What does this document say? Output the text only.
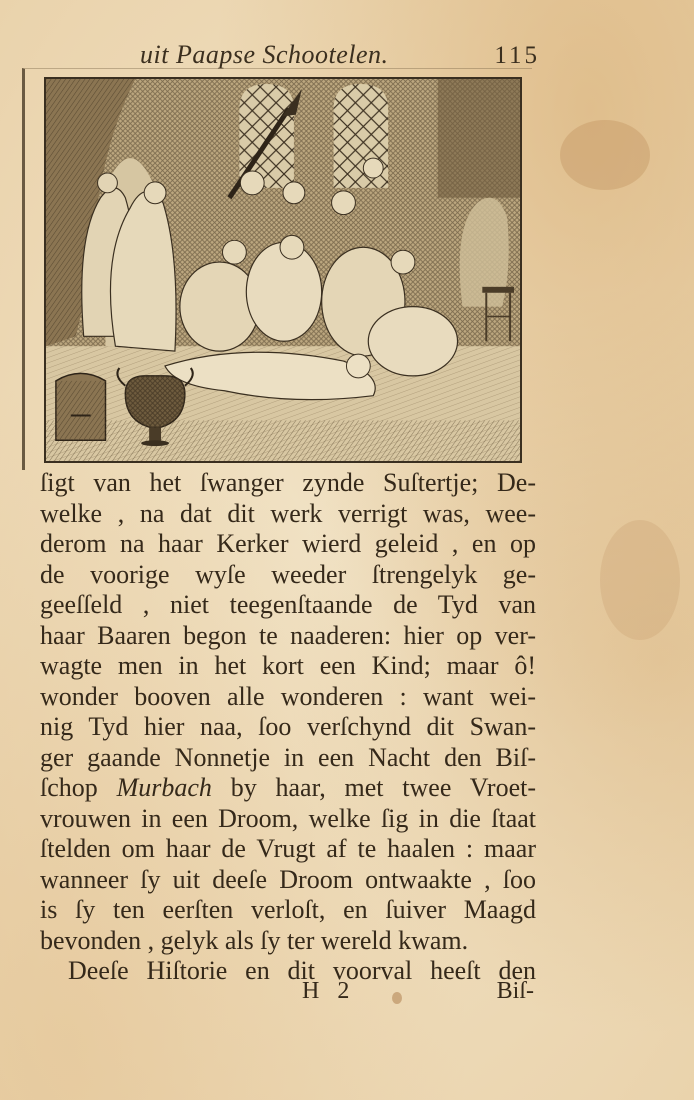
uit Paapse Schootelen.	115
ſigt van het ſwanger zynde Suſtertje; De-
welke , na dat dit werk verrigt was, wee-
derom na haar Kerker wierd geleid , en op
de voorige wyſe weeder ſtrengelyk ge-
geeſſeld , niet teegenſtaande de Tyd van
haar Baaren begon te naaderen: hier op ver-
wagte men in het kort een Kind; maar ô!
wonder booven alle wonderen : want wei-
nig Tyd hier naa, ſoo verſchynd dit Swan-
ger gaande Nonnetje in een Nacht den Biſ-
ſchop Murbach by haar, met twee Vroet-
vrouwen in een Droom, welke ſig in die ſtaat
ſtelden om haar de Vrugt af te haalen : maar
wanneer ſy uit deeſe Droom ontwaakte , ſoo
is ſy ten eerſten verloſt, en ſuiver Maagd
bevonden , gelyk als ſy ter wereld kwam.
Deeſe Hiſtorie en dit voorval heeſt den
H 2	Biſ-
